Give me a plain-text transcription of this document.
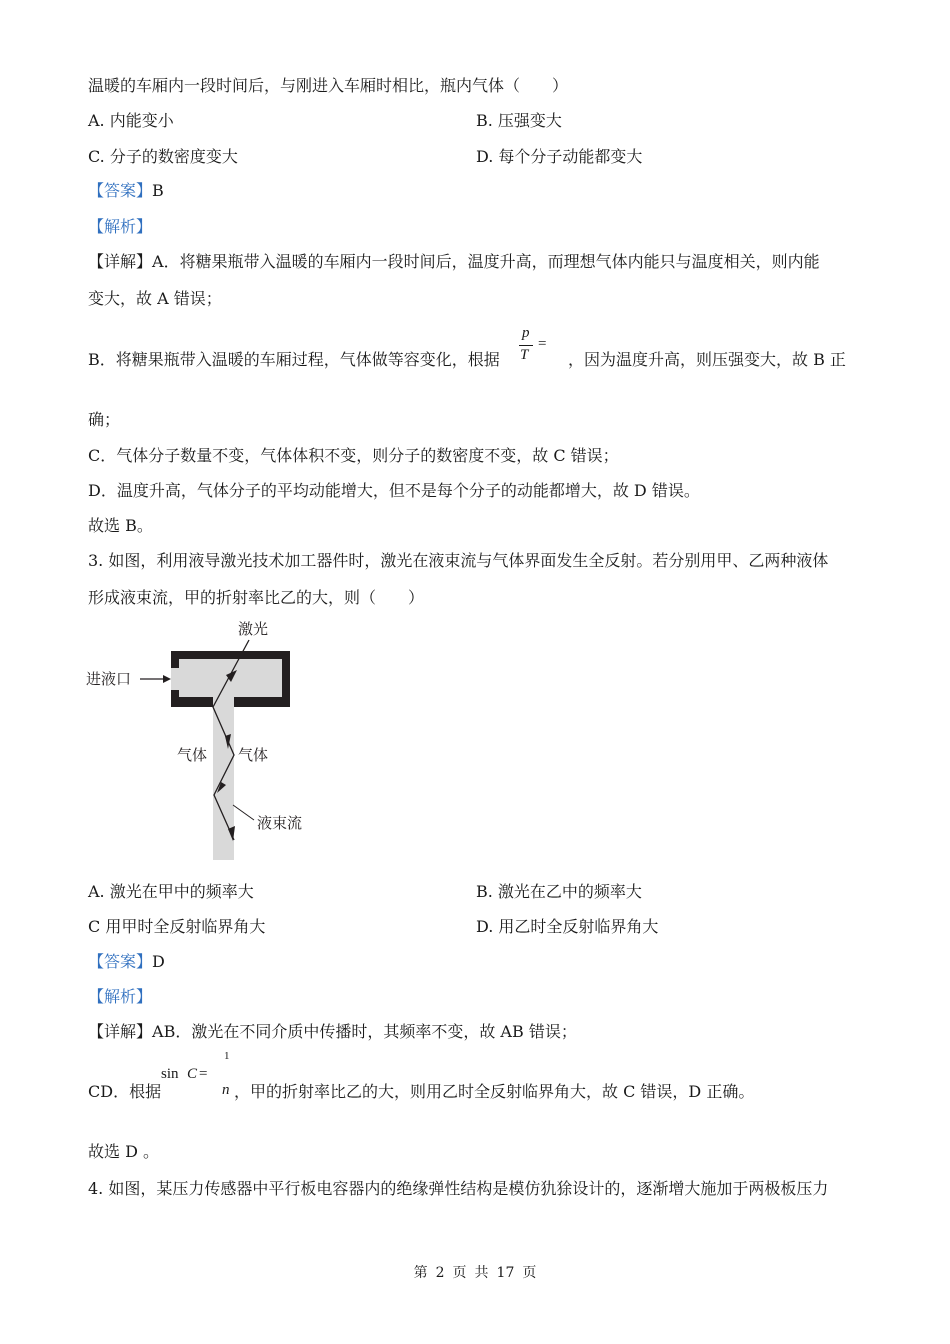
温暖的车厢内一段时间后，与刚进入车厢时相比，瓶内气体（　　）
A. 内能变小	B. 压强变大
C. 分子的数密度变大	D. 每个分子动能都变大
【答案】B
【解析】
【详解】A．将糖果瓶带入温暖的车厢内一段时间后，温度升高，而理想气体内能只与温度相关，则内能
变大，故 A 错误；
B．将糖果瓶带入温暖的车厢过程，气体做等容变化，根据
p
T
=
，因为温度升高，则压强变大，故 B 正
确；
C．气体分子数量不变，气体体积不变，则分子的数密度不变，故 C 错误；
D．温度升高，气体分子的平均动能增大，但不是每个分子的动能都增大，故 D 错误。
故选 B。
3. 如图，利用液导激光技术加工器件时，激光在液束流与气体界面发生全反射。若分别用甲、乙两种液体
形成液束流，甲的折射率比乙的大，则（　　）
激光
进液口
气体 气体
液束流
A. 激光在甲中的频率大	B. 激光在乙中的频率大
C 用甲时全反射临界角大	D. 用乙时全反射临界角大
【答案】D
【解析】
【详解】AB．激光在不同介质中传播时，其频率不变，故 AB 错误；
CD．根据
sin C =
1
n ，甲的折射率比乙的大，则用乙时全反射临界角大，故 C 错误，D 正确。
故选 D 。
4. 如图，某压力传感器中平行板电容器内的绝缘弹性结构是模仿犰狳设计的，逐渐增大施加于两极板压力
第 2 页 共 17 页
